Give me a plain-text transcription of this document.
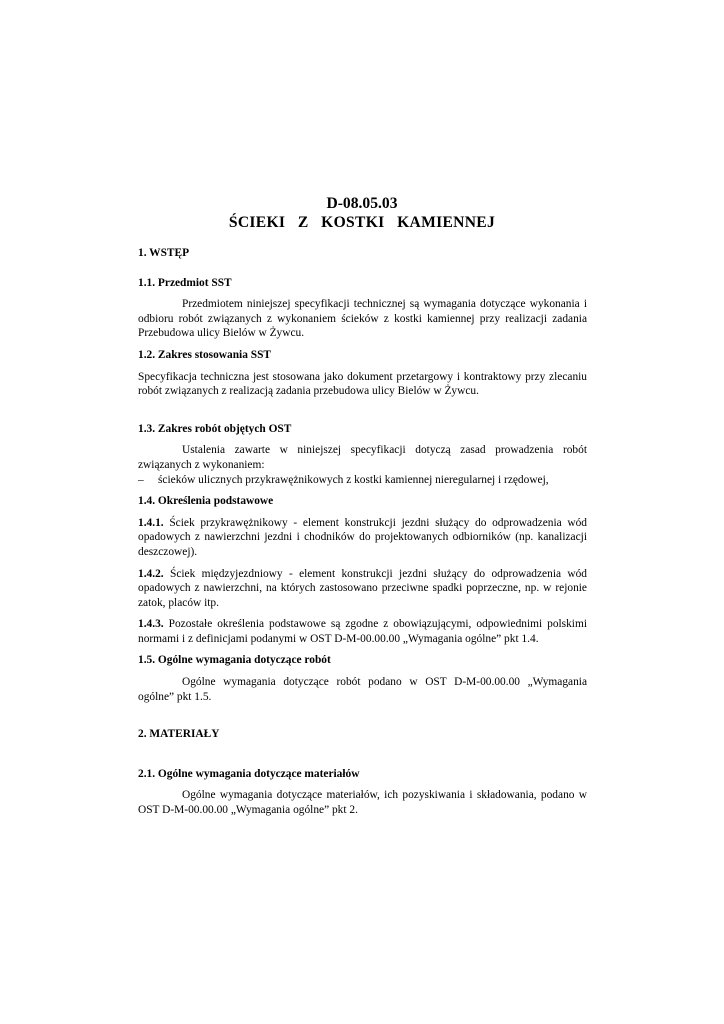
D-08.05.03
ŚCIEKI   Z   KOSTKI   KAMIENNEJ

1. WSTĘP

1.1. Przedmiot SST

Przedmiotem niniejszej specyfikacji technicznej są wymagania dotyczące wykonania i odbioru robót związanych z wykonaniem ścieków z kostki kamiennej przy realizacji zadania Przebudowa ulicy Bielów w Żywcu.

1.2. Zakres stosowania SST

Specyfikacja techniczna jest stosowana jako dokument przetargowy i kontraktowy przy zlecaniu robót związanych z realizacją zadania przebudowa ulicy Bielów w Żywcu.

1.3. Zakres robót objętych OST

Ustalenia zawarte w niniejszej specyfikacji dotyczą zasad prowadzenia robót związanych z wykonaniem:

– ścieków ulicznych przykrawężnikowych z kostki kamiennej nieregularnej i rzędowej,

1.4. Określenia podstawowe

1.4.1. Ściek przykrawężnikowy - element konstrukcji jezdni służący do odprowadzenia wód opadowych z nawierzchni jezdni i chodników do projektowanych odbiorników (np. kanalizacji deszczowej).

1.4.2. Ściek międzyjezdniowy - element konstrukcji jezdni służący do odprowadzenia wód opadowych z nawierzchni, na których zastosowano przeciwne spadki poprzeczne, np. w rejonie zatok, placów itp.

1.4.3. Pozostałe określenia podstawowe są zgodne z obowiązującymi, odpowiednimi polskimi normami i z definicjami podanymi w OST D-M-00.00.00 „Wymagania ogólne” pkt 1.4.

1.5. Ogólne wymagania dotyczące robót

Ogólne wymagania dotyczące robót podano w OST D-M-00.00.00 „Wymagania ogólne” pkt 1.5.

2. MATERIAŁY

2.1. Ogólne wymagania dotyczące materiałów

Ogólne wymagania dotyczące materiałów, ich pozyskiwania i składowania, podano w OST D-M-00.00.00 „Wymagania ogólne” pkt 2.
